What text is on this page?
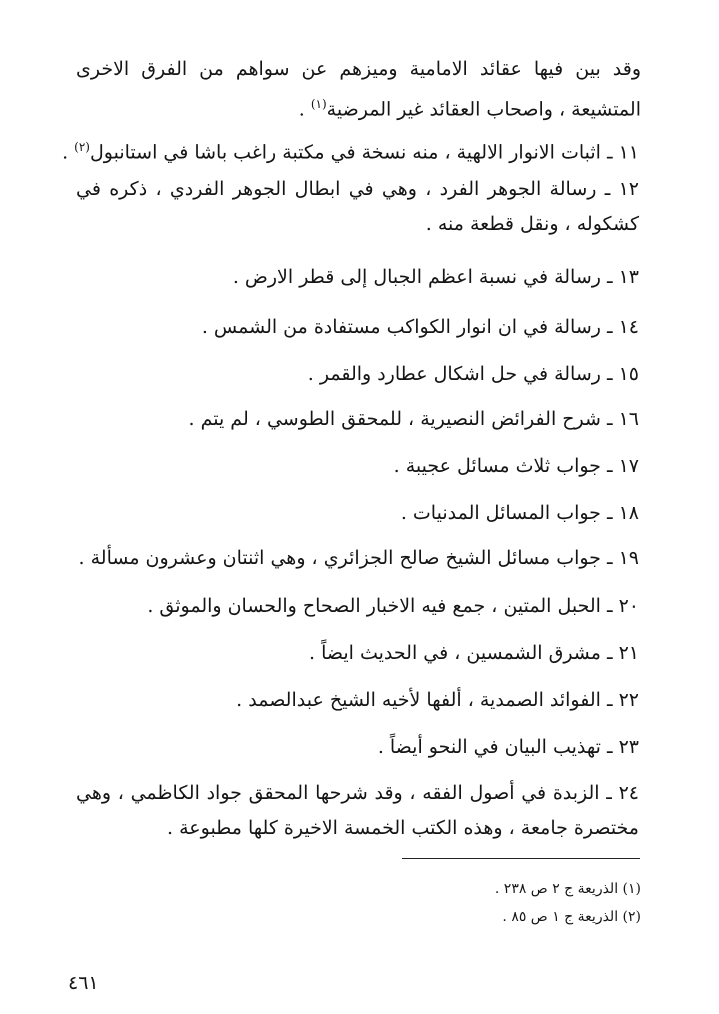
وقد بين فيها عقائد الامامية وميزهم عن سواهم من الفرق الاخرى المتشيعة ، واصحاب العقائد غير المرضية$^{(١)}$ .
١١ ـ اثبات الانوار الالهية ، منه نسخة في مكتبة راغب باشا في استانبول$^{(٢)}$ .
١٢ ـ رسالة الجوهر الفرد ، وهي في ابطال الجوهر الفردي ، ذكره في كشكوله ، ونقل قطعة منه .
١٣ ـ رسالة في نسبة اعظم الجبال إلى قطر الارض .
١٤ ـ رسالة في ان انوار الكواكب مستفادة من الشمس .
١٥ ـ رسالة في حل اشكال عطارد والقمر .
١٦ ـ شرح الفرائض النصيرية ، للمحقق الطوسي ، لم يتم .
١٧ ـ جواب ثلاث مسائل عجيبة .
١٨ ـ جواب المسائل المدنيات .
١٩ ـ جواب مسائل الشيخ صالح الجزائري ، وهي اثنتان وعشرون مسألة .
٢٠ ـ الحبل المتين ، جمع فيه الاخبار الصحاح والحسان والموثق .
٢١ ـ مشرق الشمسين ، في الحديث ايضاً .
٢٢ ـ الفوائد الصمدية ، ألفها لأخيه الشيخ عبدالصمد .
٢٣ ـ تهذيب البيان في النحو أيضاً .
٢٤ ـ الزبدة في أصول الفقه ، وقد شرحها المحقق جواد الكاظمي ، وهي مختصرة جامعة ، وهذه الكتب الخمسة الاخيرة كلها مطبوعة .
(١) الذريعة ج ٢ ص ٢٣٨ .
(٢) الذريعة ج ١ ص ٨٥ .
٤٦١
